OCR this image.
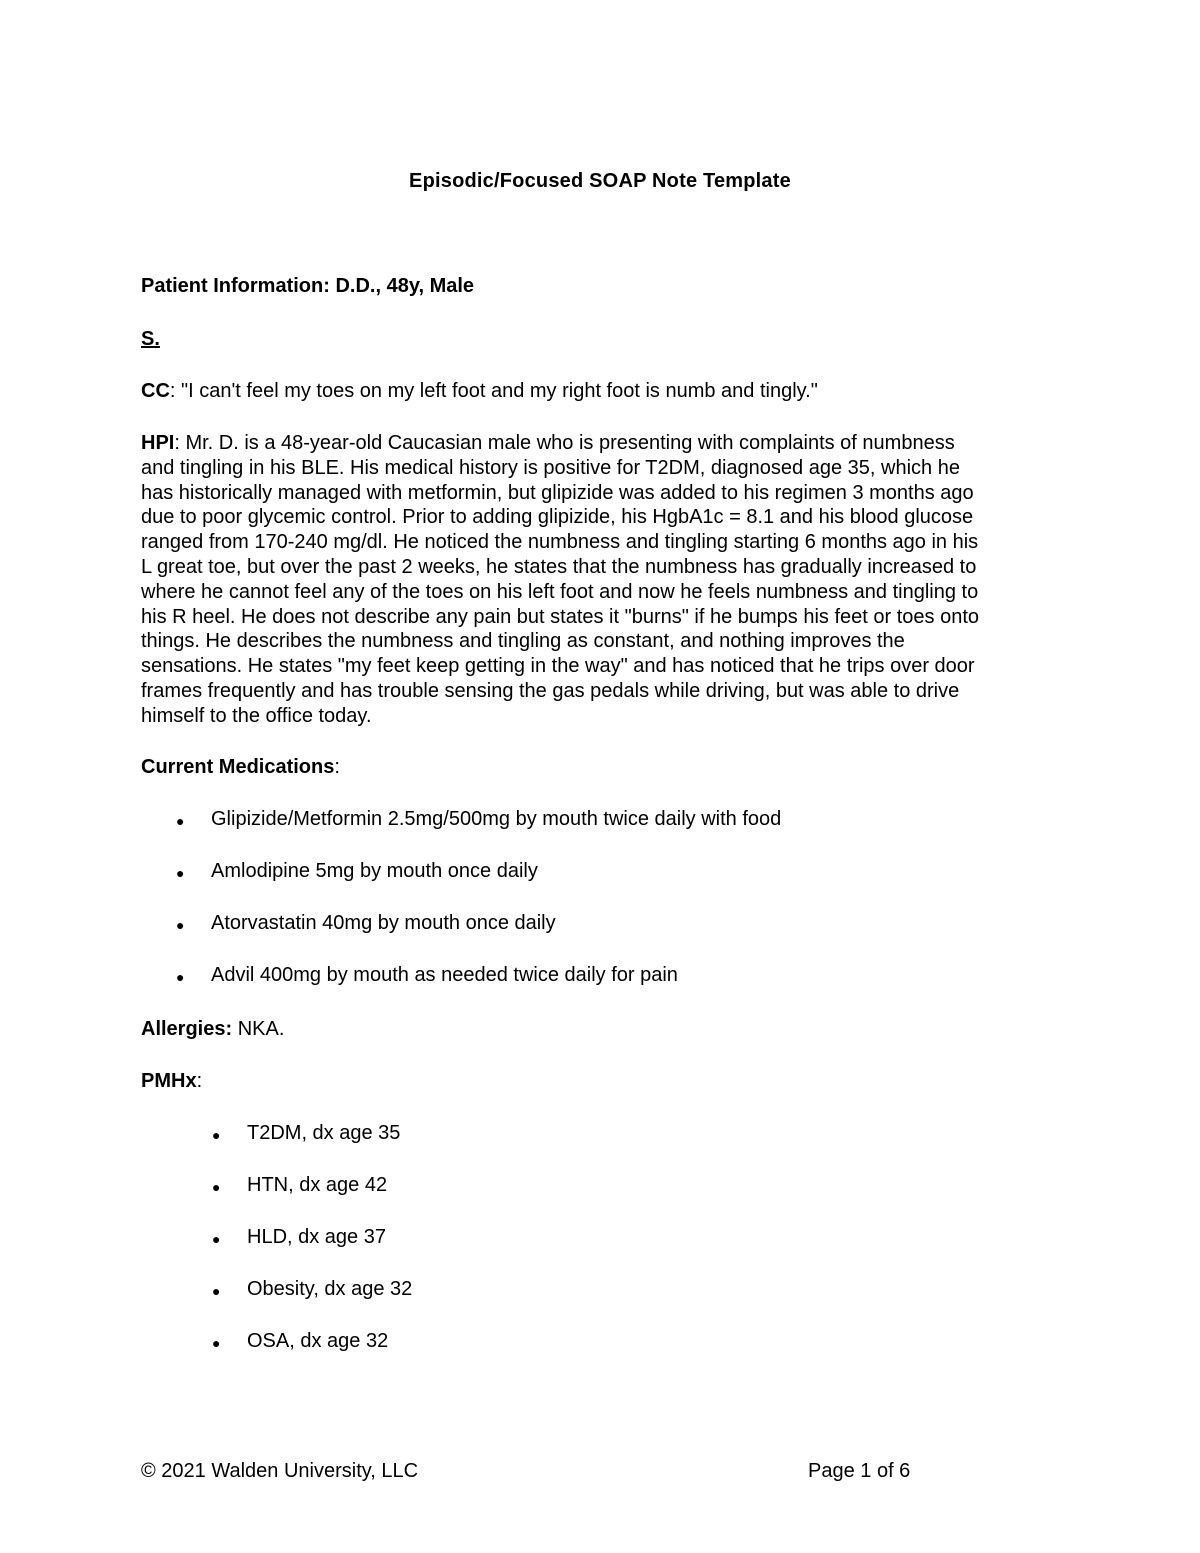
Episodic/Focused SOAP Note Template
Patient Information: D.D., 48y, Male
S.
CC: "I can't feel my toes on my left foot and my right foot is numb and tingly."
HPI: Mr. D. is a 48-year-old Caucasian male who is presenting with complaints of numbness
and tingling in his BLE. His medical history is positive for T2DM, diagnosed age 35, which he
has historically managed with metformin, but glipizide was added to his regimen 3 months ago
due to poor glycemic control. Prior to adding glipizide, his HgbA1c = 8.1 and his blood glucose
ranged from 170-240 mg/dl. He noticed the numbness and tingling starting 6 months ago in his
L great toe, but over the past 2 weeks, he states that the numbness has gradually increased to
where he cannot feel any of the toes on his left foot and now he feels numbness and tingling to
his R heel. He does not describe any pain but states it "burns" if he bumps his feet or toes onto
things. He describes the numbness and tingling as constant, and nothing improves the
sensations. He states "my feet keep getting in the way" and has noticed that he trips over door
frames frequently and has trouble sensing the gas pedals while driving, but was able to drive
himself to the office today.
Current Medications:
● Glipizide/Metformin 2.5mg/500mg by mouth twice daily with food
● Amlodipine 5mg by mouth once daily
● Atorvastatin 40mg by mouth once daily
● Advil 400mg by mouth as needed twice daily for pain
Allergies: NKA.
PMHx:
● T2DM, dx age 35
● HTN, dx age 42
● HLD, dx age 37
● Obesity, dx age 32
● OSA, dx age 32
© 2021 Walden University, LLC	Page 1 of 6
